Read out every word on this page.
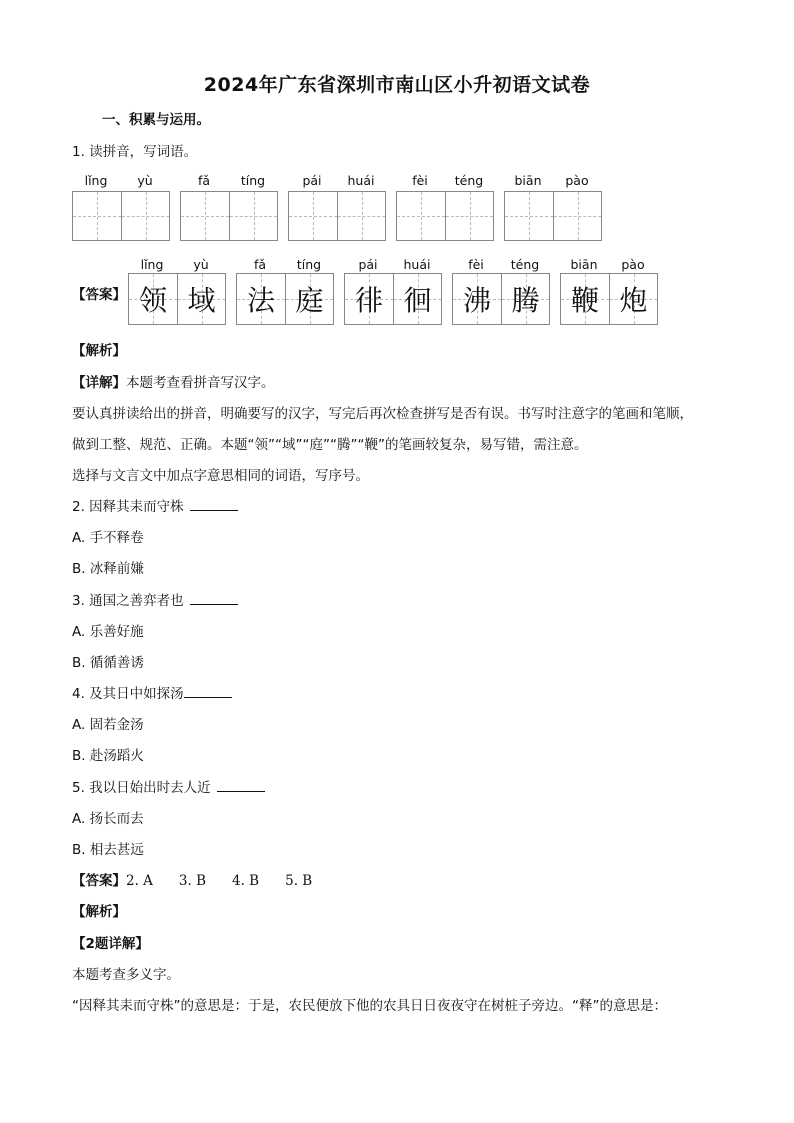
2024年广东省深圳市南山区小升初语文试卷
一、积累与运用。
1. 读拼音，写词语。
lǐng	yù	fǎ	tíng	pái	huái	fèi	téng	biān	pào
【答案】
lǐng	yù
领 域
fǎ	tíng
法 庭
pái	huái
徘 徊
fèi	téng
沸 腾
biān	pào
鞭 炮
【解析】
【详解】本题考查看拼音写汉字。
要认真拼读给出的拼音，明确要写的汉字，写完后再次检查拼写是否有误。书写时注意字的笔画和笔顺，
做到工整、规范、正确。本题“领”“域”“庭”“腾”“鞭”的笔画较复杂，易写错，需注意。
选择与文言文中加点字意思相同的词语，写序号。
2. 因释其耒而守株
A. 手不释卷
B. 冰释前嫌
3. 通国之善弈者也
A. 乐善好施
B. 循循善诱
4. 及其日中如探汤
A. 固若金汤
B. 赴汤蹈火
5. 我以日始出时去人近
A. 扬长而去
B. 相去甚远
【答案】2. A 3. B 4. B 5. B
【解析】
【2题详解】
本题考查多义字。
“因释其耒而守株”的意思是：于是，农民便放下他的农具日日夜夜守在树桩子旁边。“释”的意思是：
